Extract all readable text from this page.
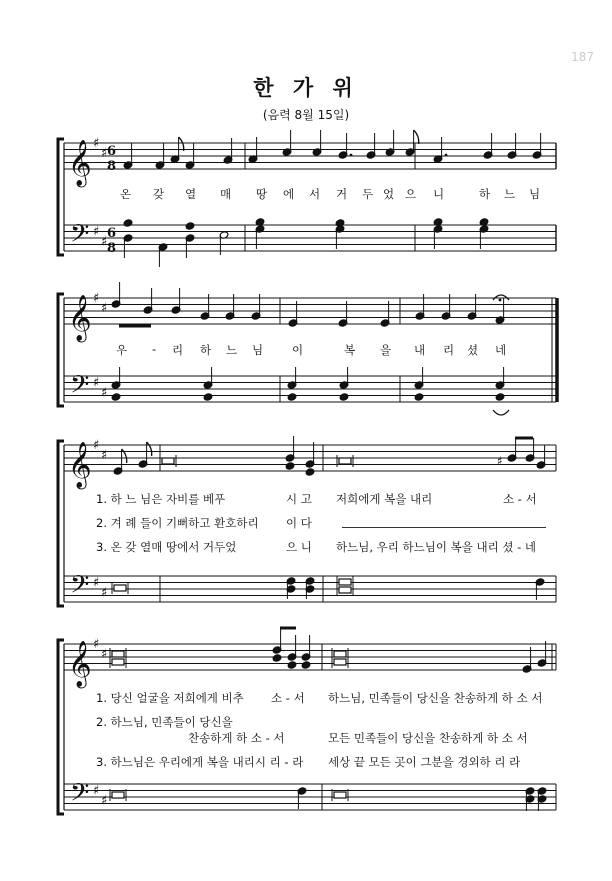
187
한 가 위
(음력 8월 15일)
𝄞
𝄢
♯
♯
♯
♯
6
8
6
8
𝄞
𝄢
♯
♯
♯
♯
𝄞
𝄢
♯
♯
♯
♯
♯
𝄞
𝄢
♯
♯
♯
♯
온 갖 열 매 땅 에 서 거 두 었 으 니	하 느 님
우 - 리 하 느 님	이	복 을 내 리 셨 네
1. 하 느 님은 자비를 베푸	시 고 저희에게 복을 내리	소 - 서
2. 겨 례 들이 기뻐하고 환호하리 이 다
3. 온 갖 열매 땅에서 거두었	으 니 하느님, 우리 하느님이 복을 내리 셨 - 네
1. 당신 얼굴을 저희에게 비추 소 - 서 하느님, 민족들이 당신을 찬송하게 하 소 서
2. 하느님, 민족들이 당신을
찬송하게 하 소 - 서	모든 민족들이 당신을 찬송하게 하 소 서
3. 하느님은 우리에게 복을 내리시 리 - 라 세상 끝 모든 곳이 그분을 경외하 리 라
